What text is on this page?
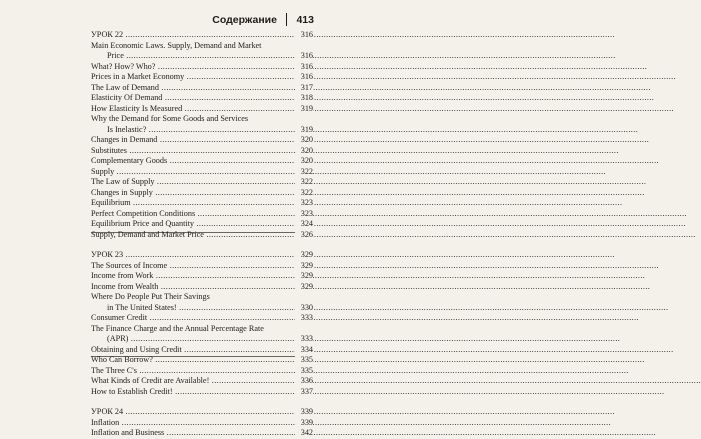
Содержание 413
УРОК 22 .....	316
Main Economic Laws. Supply, Demand and Market
Price .....	316
What? How? Who? .....	316
Prices in a Market Economy .....	316
The Law of Demand .....	317
Elasticity Of Demand .....	318
How Elasticity Is Measured .....	319
Why the Demand for Some Goods and Services
Is Inelastic? .....	319
Changes in Demand .....	320
Substitutes .....	320
Complementary Goods .....	320
Supply .....	322
The Law of Supply .....	322
Changes in Supply .....	322
Equilibrium .....	323
Perfect Competition Conditions .....	323
Equilibrium Price and Quantity .....	324
Supply, Demand and Market Price .....	326
УРОК 23 .....	329
The Sources of Income .....	329
Income from Work .....	329
Income from Wealth .....	329
Where Do People Put Their Savings
in The United States! .....	330
Consumer Credit .....	333
The Finance Charge and the Annual Percentage Rate
(APR) .....	333
Obtaining and Using Credit .....	334
Who Can Borrow? .....	335
The Three C's .....	335
What Kinds of Credit are Available! .....	336
How to Establish Credit! .....	337
УРОК 24 .....	339
Inflation .....	339
Inflation and Business .....	342
